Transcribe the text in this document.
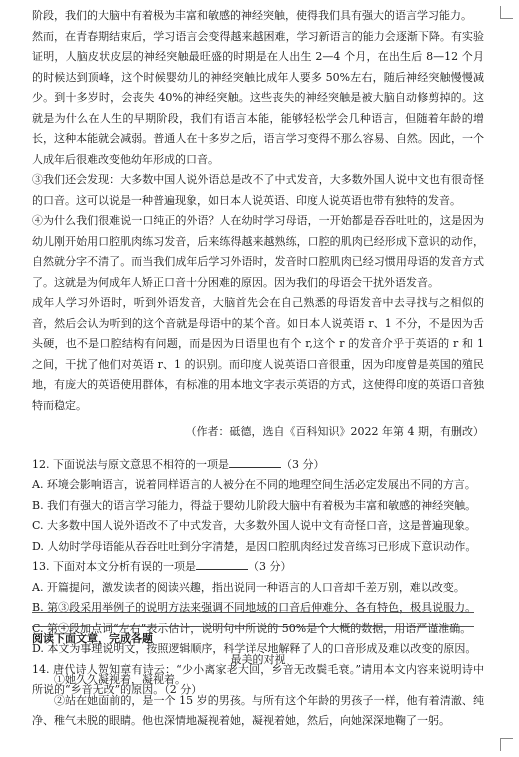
阶段，我们的大脑中有着极为丰富和敏感的神经突触，使得我们具有强大的语言学习能力。

然而，在青春期结束后，学习语言会变得越来越困难，学习新语言的能力会逐渐下降。有实验证明，人脑皮状皮层的神经突触最旺盛的时期是在人出生 2—4 个月，在出生后 8—12 个月的时候达到顶峰，这个时候婴幼儿的神经突触比成年人要多 50%左右，随后神经突触慢慢减少。到十多岁时，会丧失 40%的神经突触。这些丧失的神经突触是被大脑自动修剪掉的。这就是为什么在人生的早期阶段，我们有语言本能，能够轻松学会几种语言，但随着年龄的增长，这种本能就会减弱。普通人在十多岁之后，语言学习变得不那么容易、自然。因此，一个人成年后很难改变他幼年形成的口音。

③我们还会发现：大多数中国人说外语总是改不了中式发音，大多数外国人说中文也有很奇怪的口音。这可以说是一种普遍现象，如日本人说英语、印度人说英语也带有独特的发音。

④为什么我们很难说一口纯正的外语？人在幼时学习母语，一开始都是吞吞吐吐的，这是因为幼儿刚开始用口腔肌肉练习发音，后来练得越来越熟练，口腔的肌肉已经形成下意识的动作，自然就分字不清了。而当我们成年后学习外语时，发音时口腔肌肉已经习惯用母语的发音方式了。这就是为何成年人矫正口音十分困难的原因。因为我们的母语会干扰外语发音。

成年人学习外语时，听到外语发音，大脑首先会在自己熟悉的母语发音中去寻找与之相似的音，然后会认为听到的这个音就是母语中的某个音。如日本人说英语 r、1 不分，不是因为舌头硬，也不是口腔结构有问题，而是因为日语里也有个 r,这个 r 的发音介乎于英语的 r 和 1 之间，干扰了他们对英语 r、1 的识别。而印度人说英语口音很重，因为印度曾是英国的殖民地，有庞大的英语使用群体，有标准的用本地文字表示英语的方式，这使得印度的英语口音独特而稳定。

（作者：砥德，选自《百科知识》2022 年第 4 期，有删改）

12. 下面说法与原文意思不相符的一项是	（3 分）

A. 环境会影响语言，说着同样语言的人被分在不同的地理空间生活必定发展出不同的方言。

B. 我们有强大的语言学习能力，得益于婴幼儿阶段大脑中有着极为丰富和敏感的神经突触。

C. 大多数中国人说外语改不了中式发音，大多数外国人说中文有奇怪口音，这是普遍现象。

D. 人幼时学母语能从吞吞吐吐到分字清楚，是因口腔肌肉经过发音练习已形成下意识动作。

13. 下面对本文分析有误的一项是	（3 分）

A. 开篇提问，激发读者的阅读兴趣，指出说同一种语言的人口音却千差万别，难以改变。

B. 第③段采用举例子的说明方法来强调不同地域的口音后伸难分、各有特色，极具说服力。

C. 第④段加点词“左右”表示估计，说明句中所说的 50%是个大概的数据，用语严谨准确。

D. 本文为事理说明文，按照逻辑顺序，科学详尽地解释了人的口音形成及难以改变的原因。

14. 唐代诗人贺知章有诗云：“少小离家老大回，乡音无改鬓毛衰。”请用本文内容来说明诗中所说的“乡音无改”的原因。（2 分）

阅读下面文章，完成各题

最美的对视

①她久久凝视着，凝视着。

②站在她面前的，是一个 15 岁的男孩。与所有这个年龄的男孩子一样，他有着清澈、纯净、稚气未脱的眼睛。他也深情地凝视着她，凝视着她，然后，向她深深地鞠了一躬。
